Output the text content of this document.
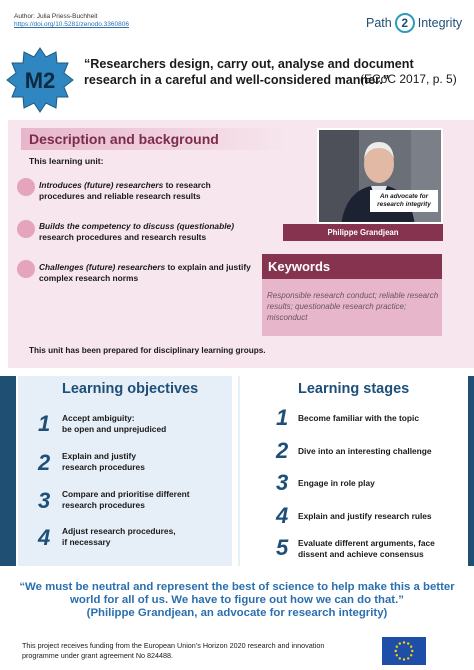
Author: Julia Priess-Buchheit
https://doi.org/10.5281/zenodo.3360806	Path 2 Integrity
M2
“Researchers design, carry out, analyse and document research in a careful and well-considered manner.”
(ECoC 2017, p. 5)
Description and background
This learning unit:
Introduces (future) researchers to research procedures and reliable research results
Builds the competency to discuss (questionable) research procedures and research results
Challenges (future) researchers to explain and justify complex research norms
An advocate for research integrity
Philippe Grandjean
Keywords
Responsible research conduct; reliable research results; questionable research practice; misconduct
This unit has been prepared for disciplinary learning groups.
Learning objectives	Learning stages
1 Accept ambiguity:
be open and unprejudiced
2 Explain and justify
research procedures
3 Compare and prioritise different
research procedures
4 Adjust research procedures,
if necessary
1 Become familiar with the topic
2 Dive into an interesting challenge
3 Engage in role play
4 Explain and justify research rules
5 Evaluate different arguments, face
dissent and achieve consensus
“We must be neutral and represent the best of science to help make this a better
world for all of us. We have to figure out how we can do that.”
(Philippe Grandjean, an advocate for research integrity)
This project receives funding from the European Union’s Horizon 2020 research and innovation programme under grant agreement No 824488.
